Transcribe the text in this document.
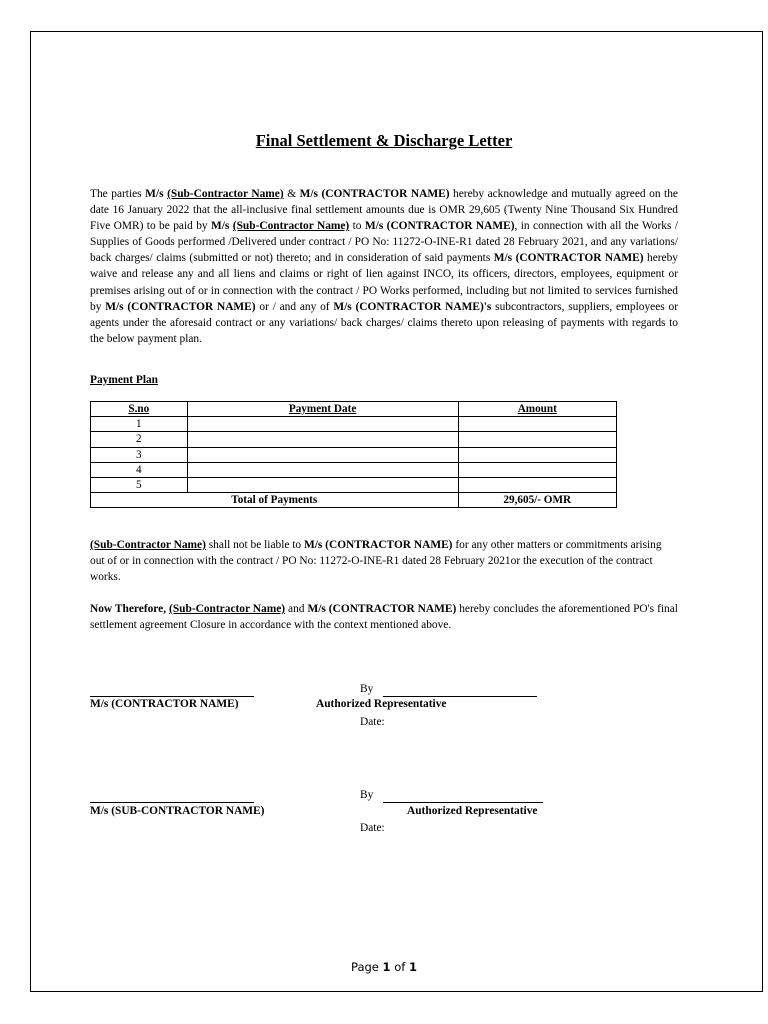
Final Settlement & Discharge Letter

The parties M/s (Sub-Contractor Name) & M/s (CONTRACTOR NAME) hereby acknowledge and mutually agreed on the date 16 January 2022 that the all-inclusive final settlement amounts due is OMR 29,605 (Twenty Nine Thousand Six Hundred Five OMR) to be paid by M/s (Sub-Contractor Name) to M/s (CONTRACTOR NAME), in connection with all the Works / Supplies of Goods performed /Delivered under contract / PO No: 11272-O-INE-R1 dated 28 February 2021, and any variations/ back charges/ claims (submitted or not) thereto; and in consideration of said payments M/s (CONTRACTOR NAME) hereby waive and release any and all liens and claims or right of lien against INCO, its officers, directors, employees, equipment or premises arising out of or in connection with the contract / PO Works performed, including but not limited to services furnished by M/s (CONTRACTOR NAME) or / and any of M/s (CONTRACTOR NAME)'s subcontractors, suppliers, employees or agents under the aforesaid contract or any variations/ back charges/ claims thereto upon releasing of payments with regards to the below payment plan.

Payment Plan
S.no	Payment Date	Amount
1		
2		
3		
4		
5		
Total of Payments		29,605/- OMR

(Sub-Contractor Name) shall not be liable to M/s (CONTRACTOR NAME) for any other matters or commitments arising out of or in connection with the contract / PO No: 11272-O-INE-R1 dated 28 February 2021or the execution of the contract works.

Now Therefore, (Sub-Contractor Name) and M/s (CONTRACTOR NAME) hereby concludes the aforementioned PO's final settlement agreement Closure in accordance with the context mentioned above.

M/s (CONTRACTOR NAME)
By
Authorized Representative
Date:
M/s (SUB-CONTRACTOR NAME)
By
Authorized Representative
Date:
Page 1 of 1
